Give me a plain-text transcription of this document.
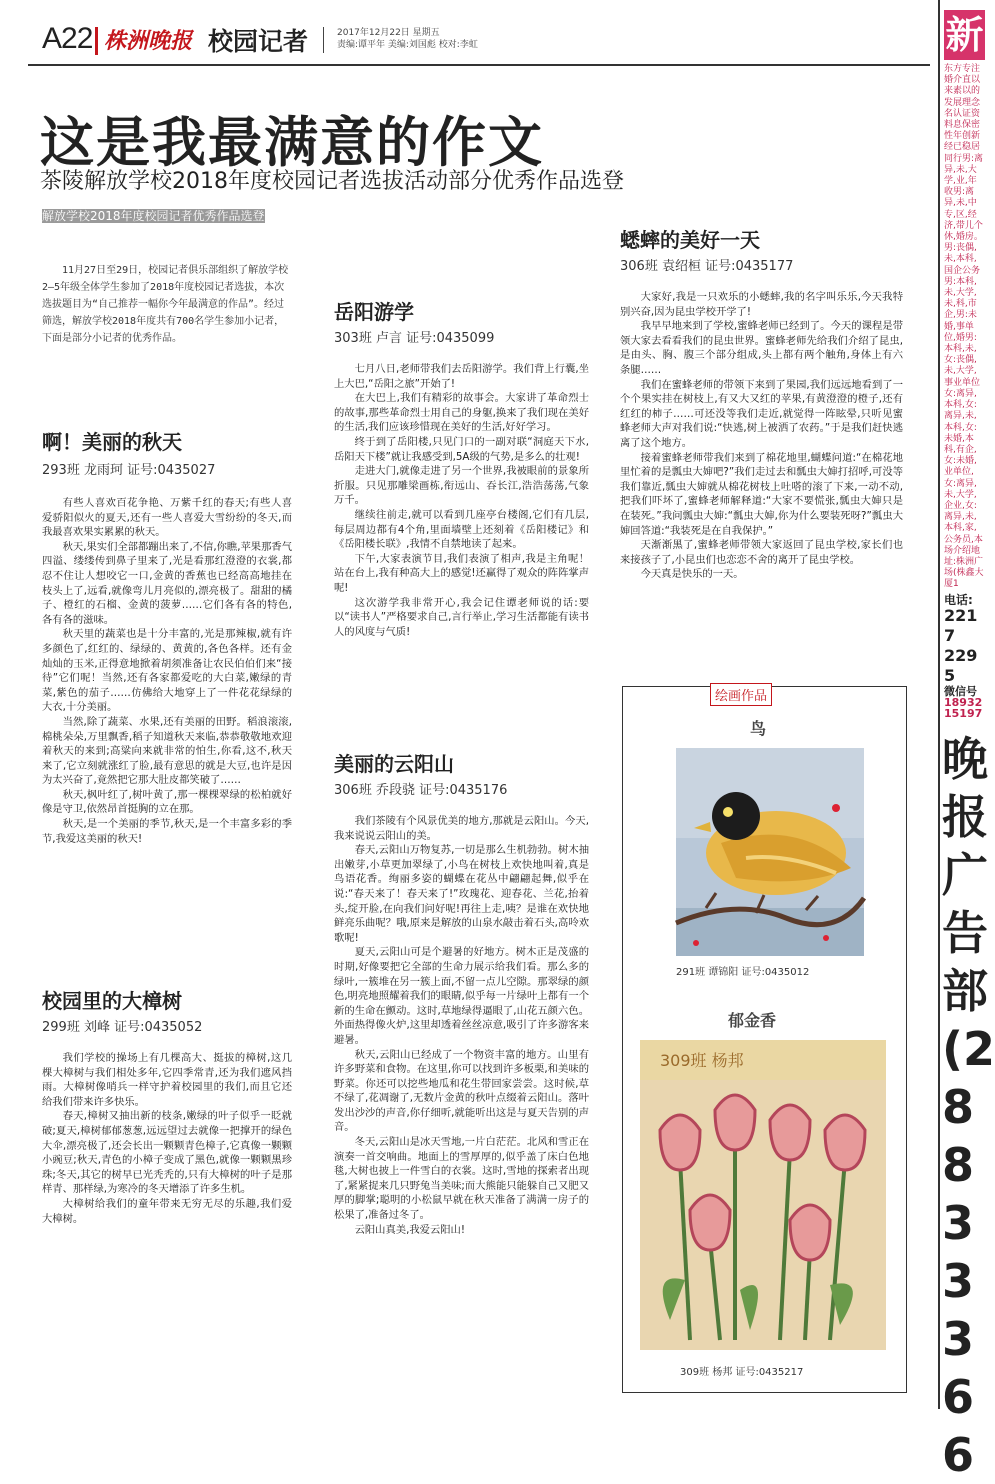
A22 株洲晚报 校园记者	2017年12月22日 星期五
责编:谭平年 美编:刘国彪 校对:李虹
这是我最满意的作文
茶陵解放学校2018年度校园记者选拔活动部分优秀作品选登
解放学校2018年度校园记者优秀作品选登
11月27日至29日，校园记者俱乐部组织了解放学校2—5年级全体学生参加了2018年度校园记者选拔，本次选拔题目为“自己推荐一幅你今年最满意的作品”。经过筛选，解放学校2018年度共有700名学生参加小记者，下面是部分小记者的优秀作品。
啊！美丽的秋天
293班 龙雨珂 证号:0435027

有些人喜欢百花争艳、万紫千红的春天;有些人喜爱骄阳似火的夏天,还有一些人喜爱大雪纷纷的冬天,而我最喜欢果实累累的秋天。

秋天,果实们全部都蹦出来了,不信,你瞧,苹果那香气四溢、缕缕传到鼻子里来了,光是看那红澄澄的衣裳,都忍不住让人想咬它一口,金黄的香蕉也已经高高地挂在枝头上了,远看,就像弯儿月亮似的,漂亮极了。甜甜的橘子、橙红的石榴、金黄的菠萝……它们各有各的特色,各有各的滋味。

秋天里的蔬菜也是十分丰富的,光是那辣椒,就有许多颜色了,红红的、绿绿的、黄黄的,各色各样。还有金灿灿的玉米,正得意地掀着胡须准备让农民伯伯们来“接待”它们呢！当然,还有各家都爱吃的大白菜,嫩绿的青菜,紫色的茄子……仿佛给大地穿上了一件花花绿绿的大衣,十分美丽。

当然,除了蔬菜、水果,还有美丽的田野。稻浪滚滚,棉桃朵朵,万里飘香,稻子知道秋天来临,恭恭敬敬地欢迎着秋天的来到;高粱向来就非常的怕生,你看,这不,秋天来了,它立刻就涨红了脸,最有意思的就是大豆,也许是因为太兴奋了,竟然把它那大肚皮都笑破了……

秋天,枫叶红了,树叶黄了,那一棵棵翠绿的松柏就好像是守卫,依然昂首挺胸的立在那。

秋天,是一个美丽的季节,秋天,是一个丰富多彩的季节,我爱这美丽的秋天!

校园里的大樟树
299班 刘峰 证号:0435052

我们学校的操场上有几棵高大、挺拔的樟树,这几棵大樟树与我们相处多年,它四季常青,还为我们遮风挡雨。大樟树像哨兵一样守护着校园里的我们,而且它还给我们带来许多快乐。

春天,樟树又抽出新的枝条,嫩绿的叶子似乎一眨就破;夏天,樟树郁郁葱葱,远远望过去就像一把撑开的绿色大伞,漂亮极了,还会长出一颗颗青色樟子,它真像一颗颗小豌豆;秋天,青色的小樟子变成了黑色,就像一颗颗黑珍珠;冬天,其它的树早已光秃秃的,只有大樟树的叶子是那样青、那样绿,为寒冷的冬天增添了许多生机。

大樟树给我们的童年带来无穷无尽的乐趣,我们爱大樟树。

岳阳游学
303班 卢言 证号:0435099

七月八日,老师带我们去岳阳游学。我们背上行囊,坐上大巴,“岳阳之旅”开始了!

在大巴上,我们有精彩的故事会。大家讲了革命烈士的故事,那些革命烈士用自己的身躯,换来了我们现在美好的生活,我们应该珍惜现在美好的生活,好好学习。

终于到了岳阳楼,只见门口的一副对联“洞庭天下水,岳阳天下楼”就让我感受到,5A级的气势,是多么的壮观!

走进大门,就像走进了另一个世界,我被眼前的景象所折服。只见那雕梁画栋,衔远山、吞长江,浩浩荡荡,气象万千。

继续往前走,就可以看到几座亭台楼阁,它们有几层,每层周边都有4个角,里面墙壁上还刻着《岳阳楼记》和《岳阳楼长联》,我情不自禁地读了起来。

下午,大家表演节目,我们表演了相声,我是主角呢！站在台上,我有种高大上的感觉!还赢得了观众的阵阵掌声呢!

这次游学我非常开心,我会记住谭老师说的话:要以“读书人”严格要求自己,言行举止,学习生活都能有读书人的风度与气质!

美丽的云阳山
306班 乔段骁 证号:0435176

我们茶陵有个风景优美的地方,那就是云阳山。今天,我来说说云阳山的美。

春天,云阳山万物复苏,一切是那么生机勃勃。树木抽出嫩芽,小草更加翠绿了,小鸟在树枝上欢快地叫着,真是鸟语花香。绚丽多姿的蝴蝶在花丛中翩翩起舞,似乎在说:“春天来了！春天来了!”玫瑰花、迎春花、兰花,抬着头,绽开脸,在向我们问好呢!再往上走,咦？是谁在欢快地鲜亮乐曲呢？哦,原来是解放的山泉水敲击着石头,高呤欢歌呢!

夏天,云阳山可是个避暑的好地方。树木正是茂盛的时期,好像要把它全部的生命力展示给我们看。那么多的绿叶,一簇堆在另一簇上面,不留一点儿空隙。那翠绿的颜色,明亮地照耀着我们的眼睛,似乎每一片绿叶上都有一个新的生命在颤动。这时,草地绿得逼眼了,山花五颜六色。外面热得像火炉,这里却透着丝丝凉意,吸引了许多游客来避暑。

秋天,云阳山已经成了一个物资丰富的地方。山里有许多野菜和食物。在这里,你可以找到许多板栗,和美味的野菜。你还可以挖些地瓜和花生带回家尝尝。这时候,草不绿了,花凋谢了,无数片金黄的秋叶点缀着云阳山。落叶发出沙沙的声音,你仔细听,就能听出这是与夏天告别的声音。

冬天,云阳山是冰天雪地,一片白茫茫。北风和雪正在演奏一首交响曲。地面上的雪厚厚的,似乎盖了床白色地毯,大树也披上一件雪白的衣裳。这时,雪地的探索者出现了,紧紧捉来几只野兔当美味;而大熊能只能躲自己又肥又厚的脚掌;聪明的小松鼠早就在秋天准备了满满一房子的松果了,准备过冬了。

云阳山真美,我爱云阳山!

蟋蟀的美好一天
306班 袁绍桓 证号:0435177

大家好,我是一只欢乐的小蟋蟀,我的名字叫乐乐,今天我特别兴奋,因为昆虫学校开学了!

我早早地来到了学校,蜜蜂老师已经到了。今天的课程是带领大家去看看我们的昆虫世界。蜜蜂老师先给我们介绍了昆虫,是由头、胸、腹三个部分组成,头上都有两个触角,身体上有六条腿……

我们在蜜蜂老师的带领下来到了果园,我们远远地看到了一个个果实挂在树枝上,有又大又红的苹果,有黄澄澄的橙子,还有红红的柿子……可还没等我们走近,就觉得一阵眩晕,只听见蜜蜂老师大声对我们说:“快逃,树上被洒了农药。”于是我们赶快逃离了这个地方。

接着蜜蜂老师带我们来到了棉花地里,蝴蝶问道:“在棉花地里忙着的是瓢虫大婶吧?”我们走过去和瓢虫大婶打招呼,可没等我们靠近,瓢虫大婶就从棉花树枝上吐嗒的滚了下来,一动不动,把我们吓坏了,蜜蜂老师解释道:“大家不要慌张,瓢虫大婶只是在装死。”我问瓢虫大婶:“瓢虫大婶,你为什么要装死呀?”瓢虫大婶回答道:“我装死是在自我保护。”

天渐渐黑了,蜜蜂老师带领大家返回了昆虫学校,家长们也来接孩子了,小昆虫们也恋恋不舍的离开了昆虫学校。

今天真是快乐的一天。

绘画作品
鸟
291班 谭锦阳 证号:0435012
郁金香
309班 杨邦
309班 杨邦 证号:0435217
新
东方专注婚介直以来素以的发展理念名认证资料息保密性年创新经已稳居同行男:离异,未,大学,业,年收男:离异,未,中专,区,经济,带儿个休,婚房。男:丧偶,未,本科,国企公务男:本科,未,大学,未,科,市企,男:未婚,事单位,婚男:本科,未,女:丧偶,未,大学,事业单位女:离异,本科,女:离异,未,本科,女:未婚,本科,有企,女:未婚,业单位,女:离异,未,大学,企业,女:离异,未,本科,家,公务员,本场介绍地址:株洲广场(株鑫大厦1
电话:
2217
2295
微信号
18932
15197
晚报广告部(28833366
